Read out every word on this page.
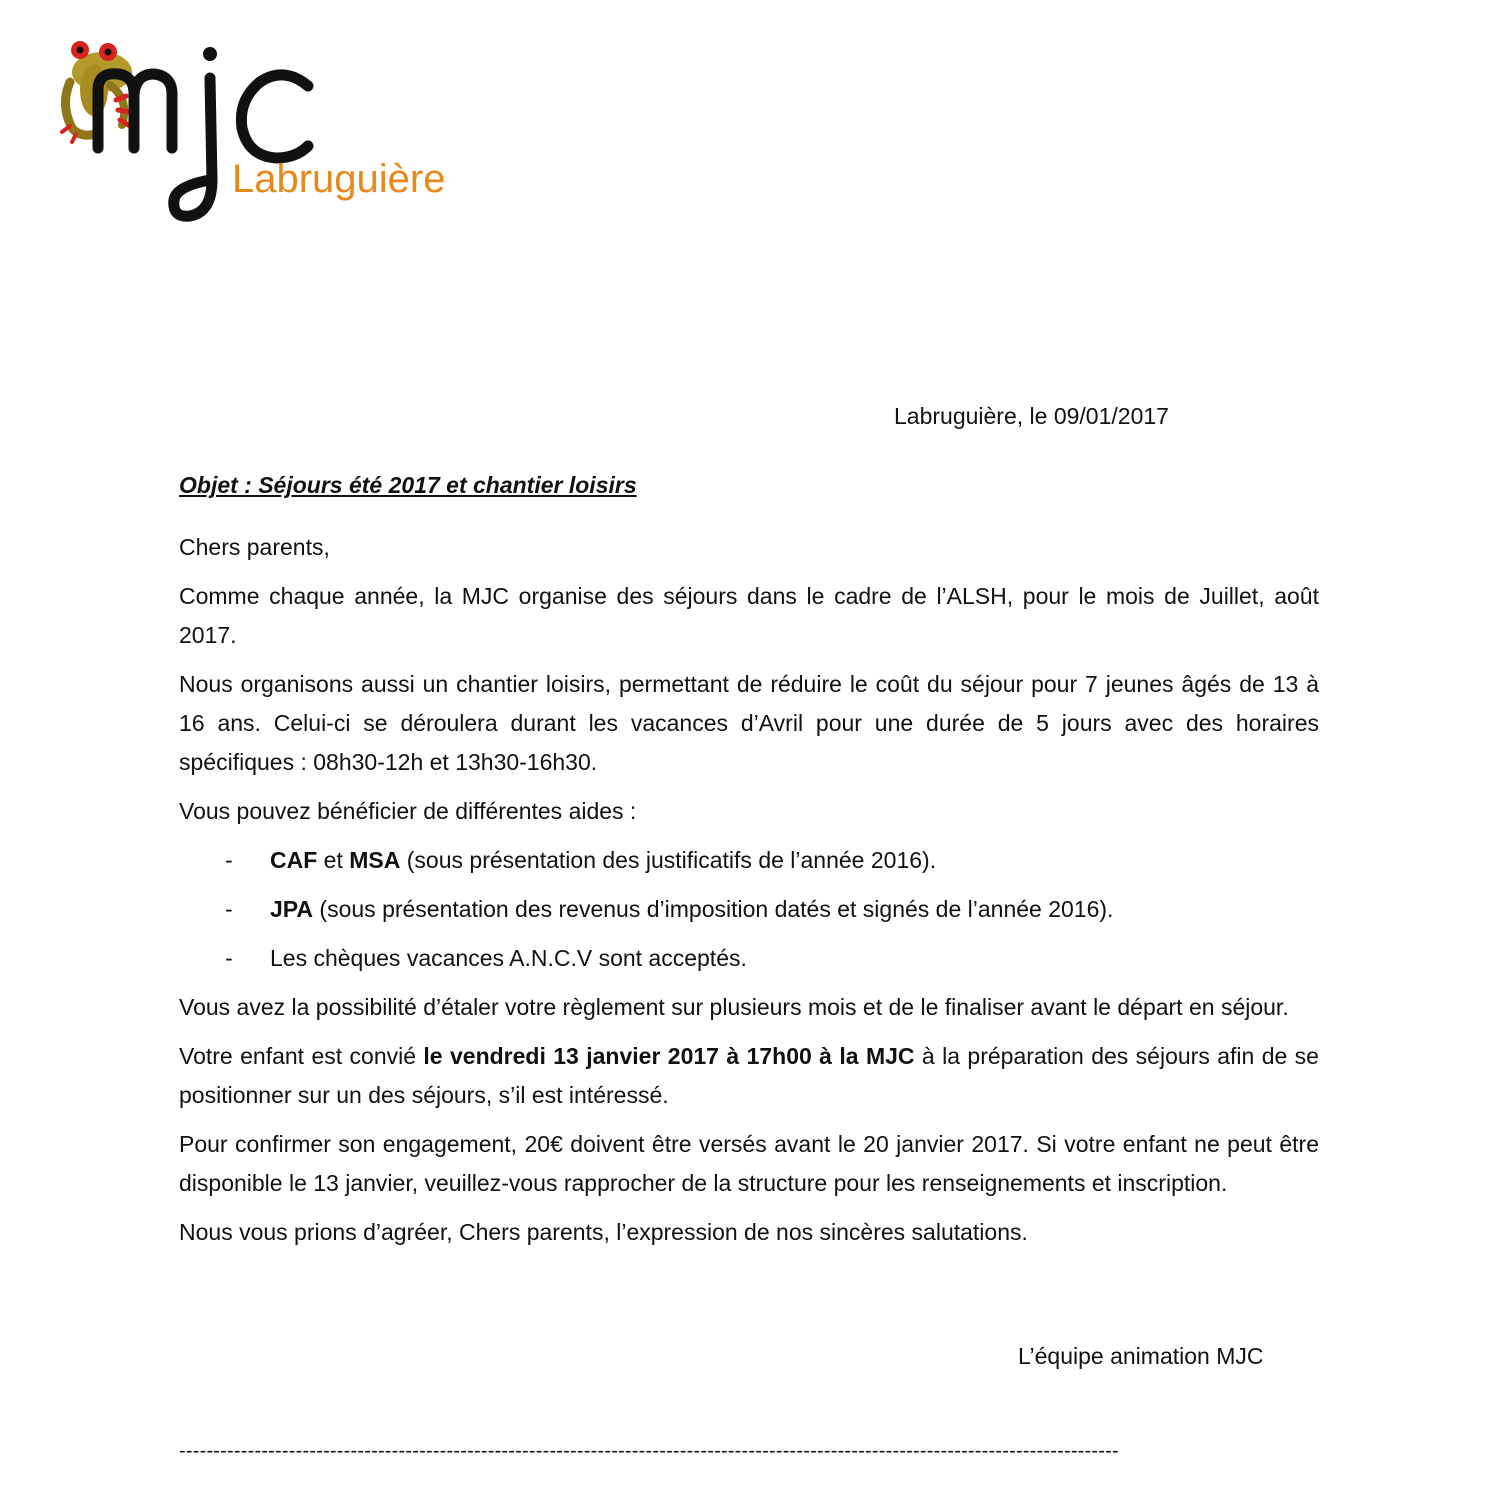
Labruguière
Labruguière, le 09/01/2017

Objet : Séjours été 2017 et chantier loisirs

Chers parents,

Comme chaque année, la MJC organise des séjours dans le cadre de l’ALSH, pour le mois de Juillet, août 2017.

Nous organisons aussi un chantier loisirs, permettant de réduire le coût du séjour pour 7 jeunes âgés de 13 à 16 ans. Celui-ci se déroulera durant les vacances d’Avril pour une durée de 5 jours avec des horaires spécifiques : 08h30-12h et 13h30-16h30.

Vous pouvez bénéficier de différentes aides :

- CAF et MSA (sous présentation des justificatifs de l’année 2016).
- JPA (sous présentation des revenus d’imposition datés et signés de l’année 2016).
- Les chèques vacances A.N.C.V sont acceptés.

Vous avez la possibilité d’étaler votre règlement sur plusieurs mois et de le finaliser avant le départ en séjour.

Votre enfant est convié le vendredi 13 janvier 2017 à 17h00 à la MJC à la préparation des séjours afin de se positionner sur un des séjours, s’il est intéressé.

Pour confirmer son engagement, 20€ doivent être versés avant le 20 janvier 2017. Si votre enfant ne peut être disponible le 13 janvier, veuillez-vous rapprocher de la structure pour les renseignements et inscription.

Nous vous prions d’agréer, Chers parents, l’expression de nos sincères salutations.

L’équipe animation MJC
-----------------------------------------------------------------------------------------------------------------------------------------
